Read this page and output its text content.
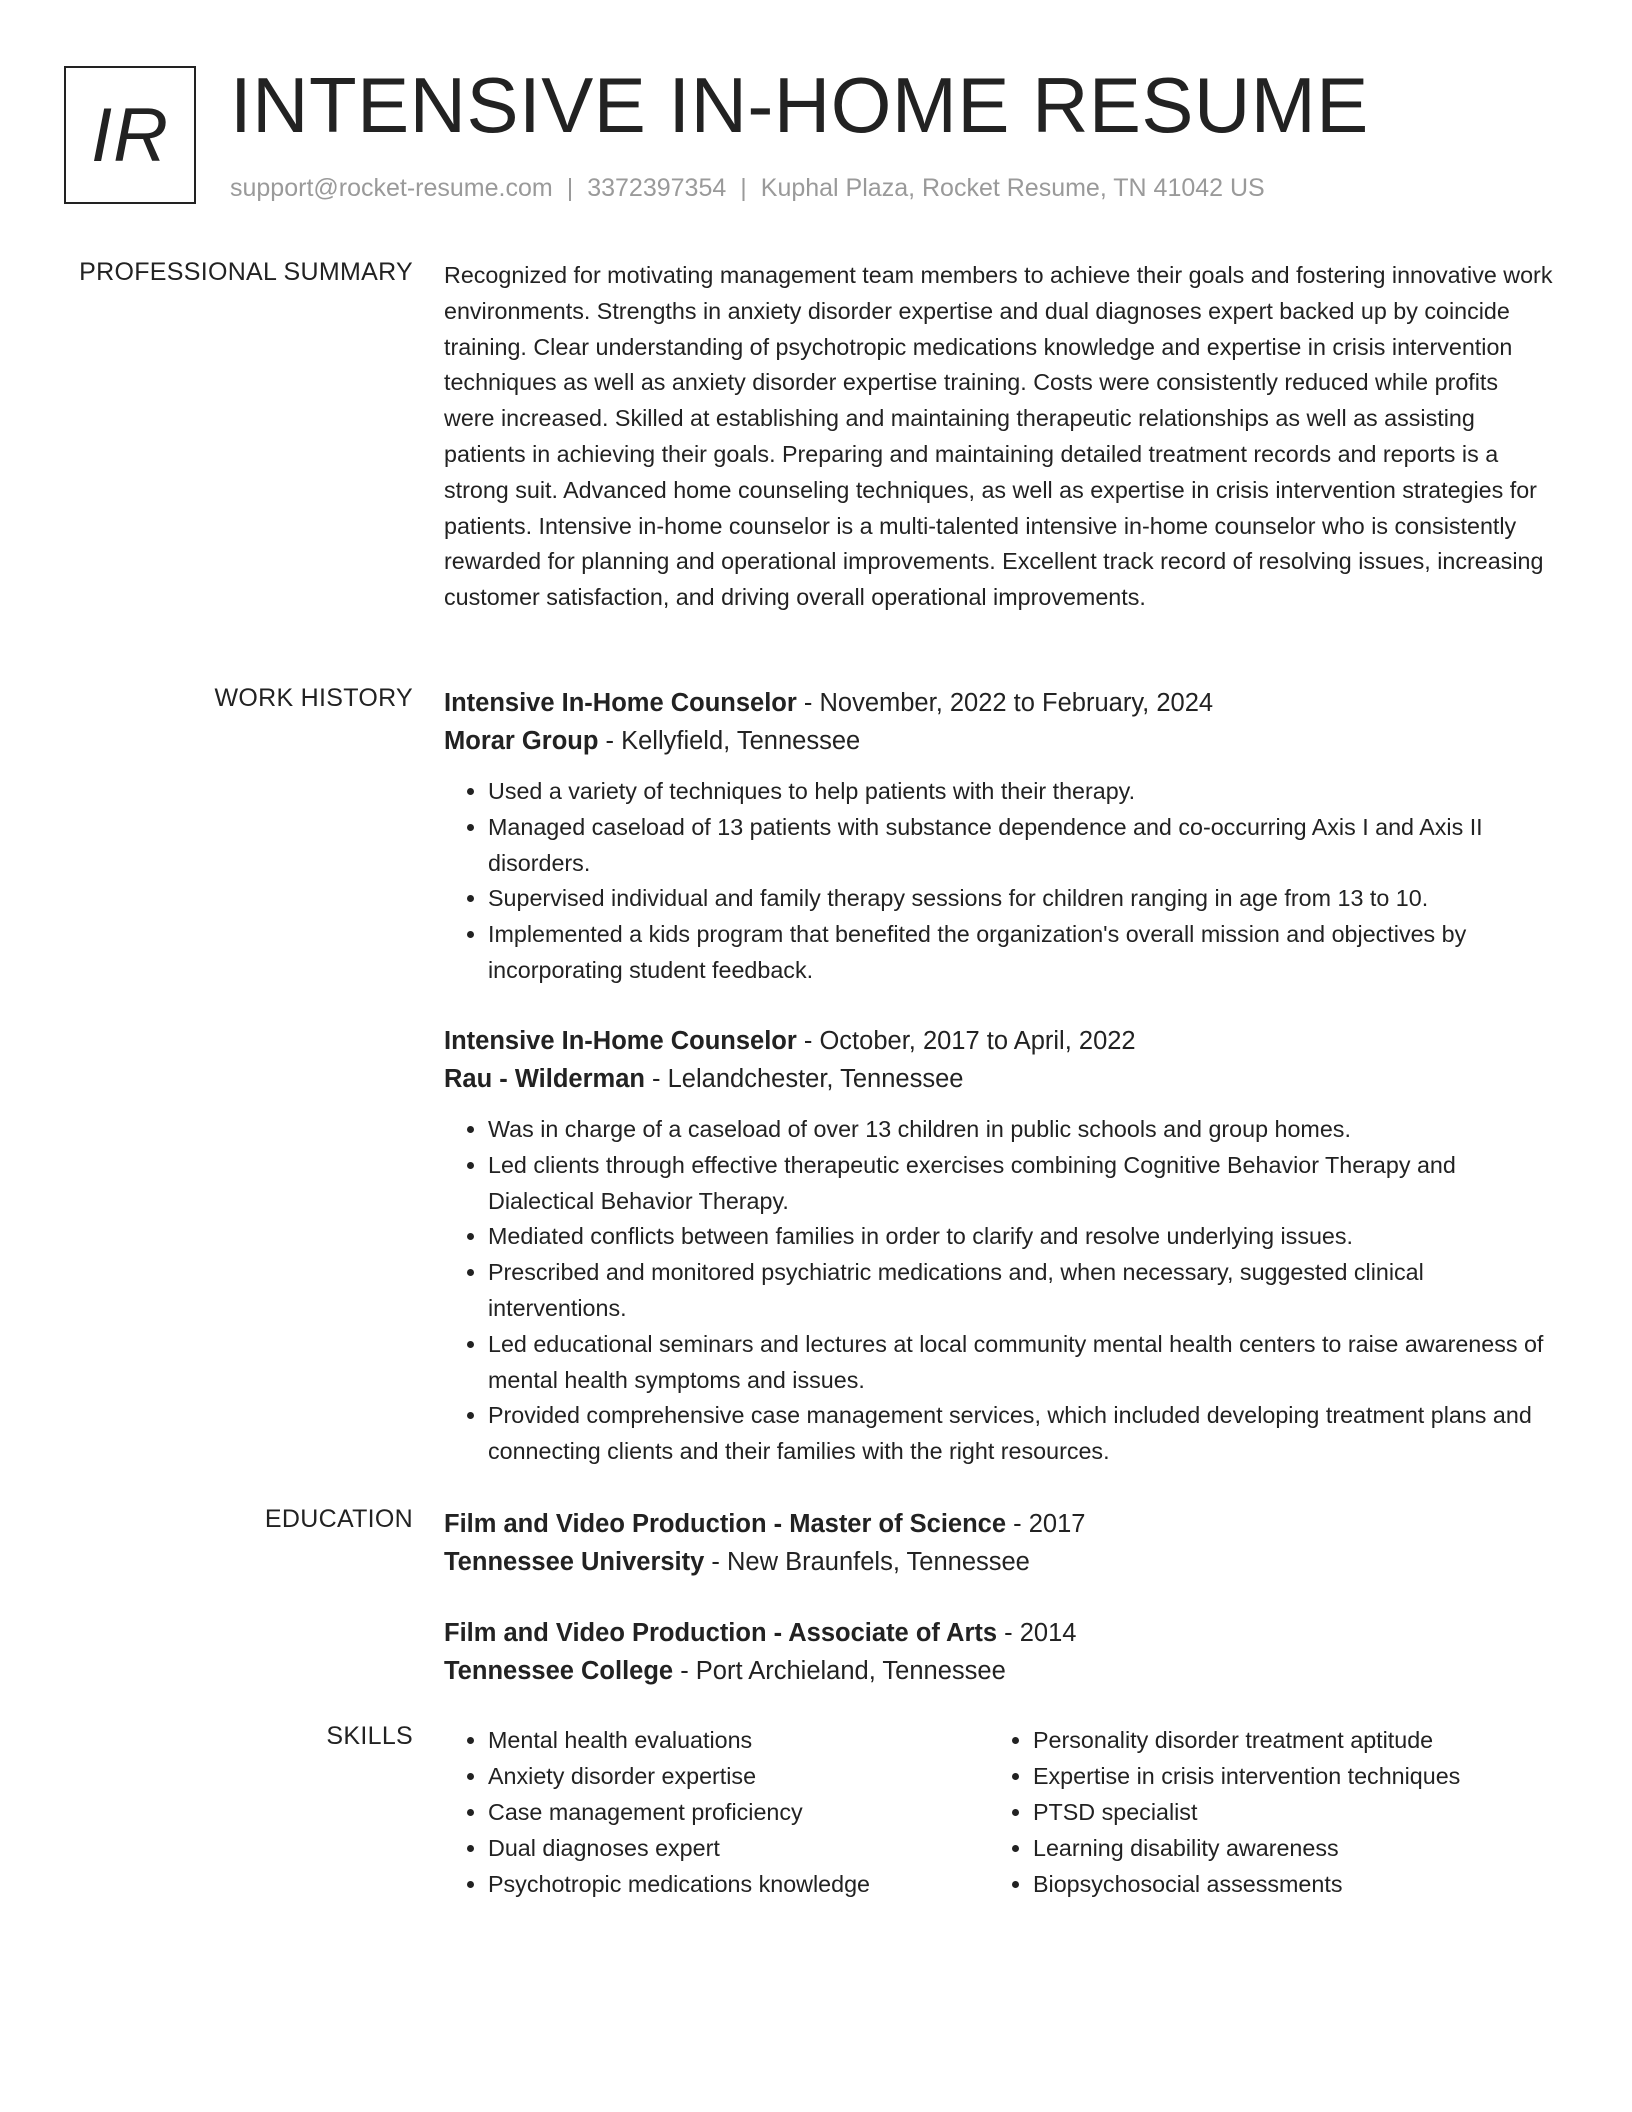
IR INTENSIVE IN-HOME RESUME
support@rocket-resume.com | 3372397354 | Kuphal Plaza, Rocket Resume, TN 41042 US
PROFESSIONAL SUMMARY Recognized for motivating management team members to achieve their goals and fostering innovative work environments. Strengths in anxiety disorder expertise and dual diagnoses expert backed up by coincide training. Clear understanding of psychotropic medications knowledge and expertise in crisis intervention techniques as well as anxiety disorder expertise training. Costs were consistently reduced while profits were increased. Skilled at establishing and maintaining therapeutic relationships as well as assisting patients in achieving their goals. Preparing and maintaining detailed treatment records and reports is a strong suit. Advanced home counseling techniques, as well as expertise in crisis intervention strategies for patients. Intensive in-home counselor is a multi-talented intensive in-home counselor who is consistently rewarded for planning and operational improvements. Excellent track record of resolving issues, increasing customer satisfaction, and driving overall operational improvements.

WORK HISTORY Intensive In-Home Counselor - November, 2022 to February, 2024
Morar Group - Kellyfield, Tennessee
• Used a variety of techniques to help patients with their therapy.
• Managed caseload of 13 patients with substance dependence and co-occurring Axis I and Axis II disorders.
• Supervised individual and family therapy sessions for children ranging in age from 13 to 10.
• Implemented a kids program that benefited the organization's overall mission and objectives by incorporating student feedback.
Intensive In-Home Counselor - October, 2017 to April, 2022
Rau - Wilderman - Lelandchester, Tennessee
• Was in charge of a caseload of over 13 children in public schools and group homes.
• Led clients through effective therapeutic exercises combining Cognitive Behavior Therapy and Dialectical Behavior Therapy.
• Mediated conflicts between families in order to clarify and resolve underlying issues.
• Prescribed and monitored psychiatric medications and, when necessary, suggested clinical interventions.
• Led educational seminars and lectures at local community mental health centers to raise awareness of mental health symptoms and issues.
• Provided comprehensive case management services, which included developing treatment plans and connecting clients and their families with the right resources.
EDUCATION Film and Video Production - Master of Science - 2017
Tennessee University - New Braunfels, Tennessee
Film and Video Production - Associate of Arts - 2014
Tennessee College - Port Archieland, Tennessee
SKILLS
•	Mental health evaluations
• Anxiety disorder expertise
• Case management proficiency
• Dual diagnoses expert
• Psychotropic medications knowledge
• Personality disorder treatment aptitude
• Expertise in crisis intervention techniques
• PTSD specialist
• Learning disability awareness
• Biopsychosocial assessments
